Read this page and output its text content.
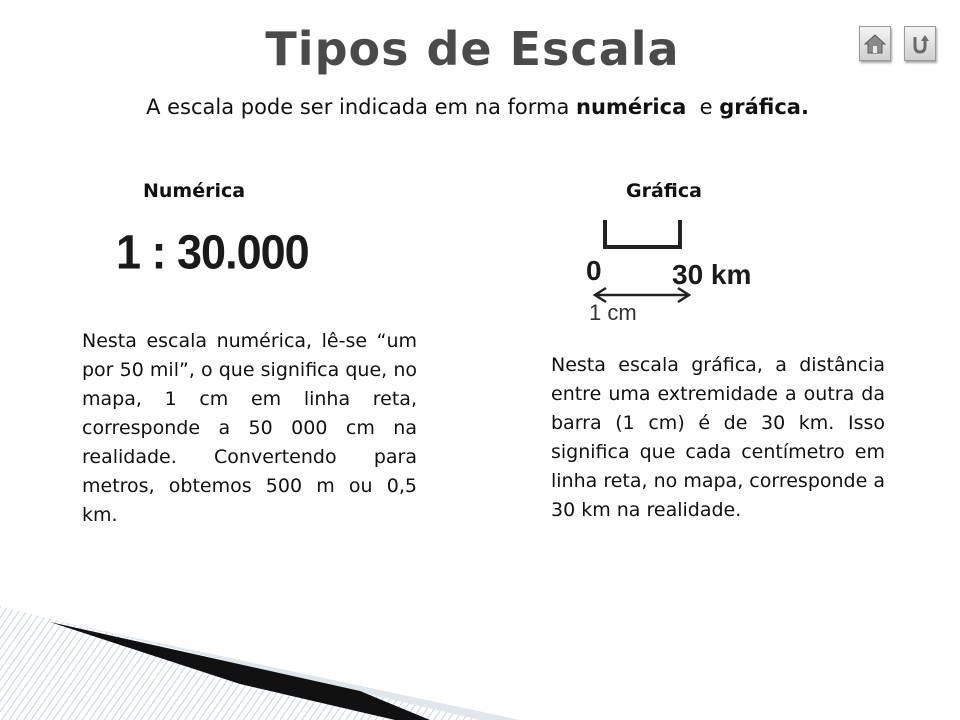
Tipos de Escala
A escala pode ser indicada em na forma numérica  e gráfica.
Numérica	Gráfica
1 : 30.000	0	30 km
1 cm
Nesta escala numérica, lê-se “um por 50 mil”, o que significa que, no mapa, 1 cm em linha reta, corresponde a 50 000 cm na realidade. Convertendo para metros, obtemos 500 m ou 0,5 km.
Nesta escala gráfica, a distância entre uma extremidade a outra da barra (1 cm) é de 30 km. Isso significa que cada centímetro em linha reta, no mapa, corresponde a 30 km na realidade.
